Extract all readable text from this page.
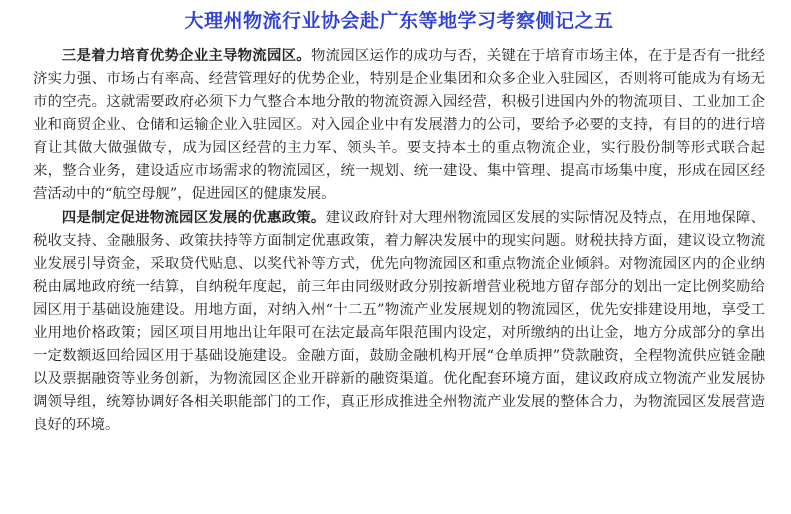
大理州物流行业协会赴广东等地学习考察侧记之五

三是着力培育优势企业主导物流园区。物流园区运作的成功与否，关键在于培育市场主体，在于是否有一批经济实力强、市场占有率高、经营管理好的优势企业，特别是企业集团和众多企业入驻园区，否则将可能成为有场无市的空壳。这就需要政府必须下力气整合本地分散的物流资源入园经营，积极引进国内外的物流项目、工业加工企业和商贸企业、仓储和运输企业入驻园区。对入园企业中有发展潜力的公司，要给予必要的支持，有目的的进行培育让其做大做强做专，成为园区经营的主力军、领头羊。要支持本土的重点物流企业，实行股份制等形式联合起来，整合业务，建设适应市场需求的物流园区，统一规划、统一建设、集中管理、提高市场集中度，形成在园区经营活动中的“航空母舰”，促进园区的健康发展。

四是制定促进物流园区发展的优惠政策。建议政府针对大理州物流园区发展的实际情况及特点，在用地保障、税收支持、金融服务、政策扶持等方面制定优惠政策，着力解决发展中的现实问题。财税扶持方面，建议设立物流业发展引导资金，采取贷代贴息、以奖代补等方式，优先向物流园区和重点物流企业倾斜。对物流园区内的企业纳税由属地政府统一结算，自纳税年度起，前三年由同级财政分别按新增营业税地方留存部分的划出一定比例奖励给园区用于基础设施建设。用地方面，对纳入州“十二五”物流产业发展规划的物流园区，优先安排建设用地，享受工业用地价格政策；园区项目用地出让年限可在法定最高年限范围内设定，对所缴纳的出让金，地方分成部分的拿出一定数额返回给园区用于基础设施建设。金融方面，鼓励金融机构开展“仓单质押”贷款融资，全程物流供应链金融以及票据融资等业务创新，为物流园区企业开辟新的融资渠道。优化配套环境方面，建议政府成立物流产业发展协调领导组，统筹协调好各相关职能部门的工作，真正形成推进全州物流产业发展的整体合力，为物流园区发展营造良好的环境。
